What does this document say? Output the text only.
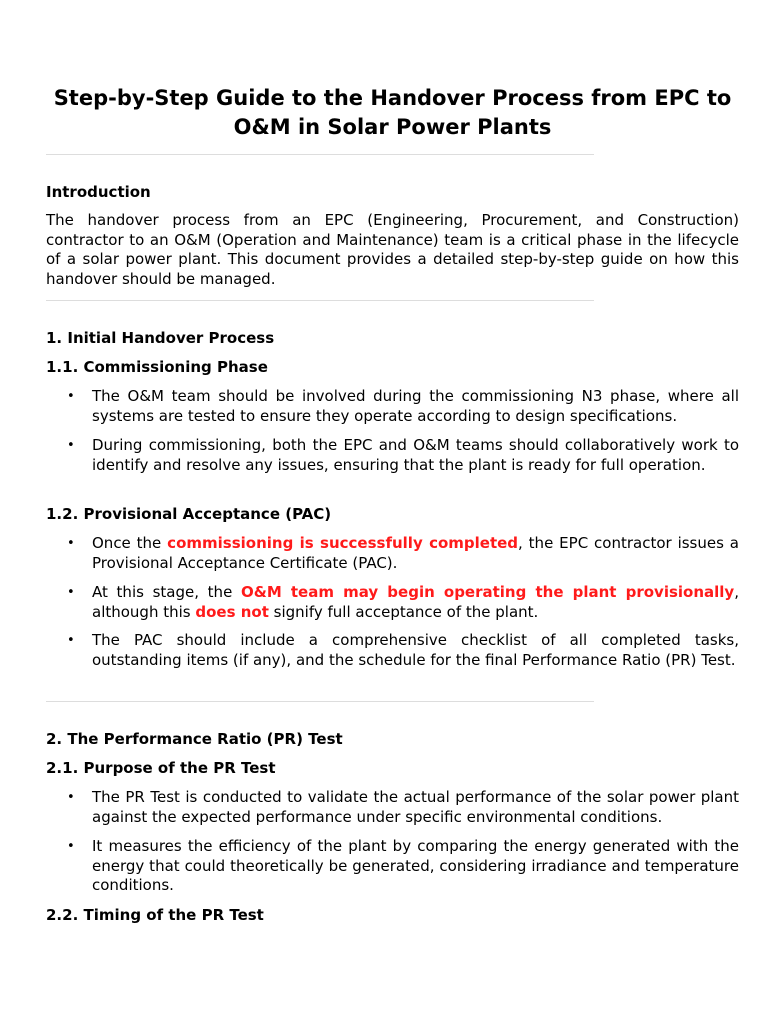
Step-by-Step Guide to the Handover Process from EPC to O&M in Solar Power Plants
Introduction

The handover process from an EPC (Engineering, Procurement, and Construction) contractor to an O&M (Operation and Maintenance) team is a critical phase in the lifecycle of a solar power plant. This document provides a detailed step-by-step guide on how this handover should be managed.

1. Initial Handover Process
1.1. Commissioning Phase

• The O&M team should be involved during the commissioning N3 phase, where all systems are tested to ensure they operate according to design specifications.

• During commissioning, both the EPC and O&M teams should collaboratively work to identify and resolve any issues, ensuring that the plant is ready for full operation.

1.2. Provisional Acceptance (PAC)

• Once the commissioning is successfully completed, the EPC contractor issues a Provisional Acceptance Certificate (PAC).

• At this stage, the O&M team may begin operating the plant provisionally, although this does not signify full acceptance of the plant.

• The PAC should include a comprehensive checklist of all completed tasks, outstanding items (if any), and the schedule for the final Performance Ratio (PR) Test.

2. The Performance Ratio (PR) Test
2.1. Purpose of the PR Test

• The PR Test is conducted to validate the actual performance of the solar power plant against the expected performance under specific environmental conditions.

• It measures the efficiency of the plant by comparing the energy generated with the energy that could theoretically be generated, considering irradiance and temperature conditions.

2.2. Timing of the PR Test
